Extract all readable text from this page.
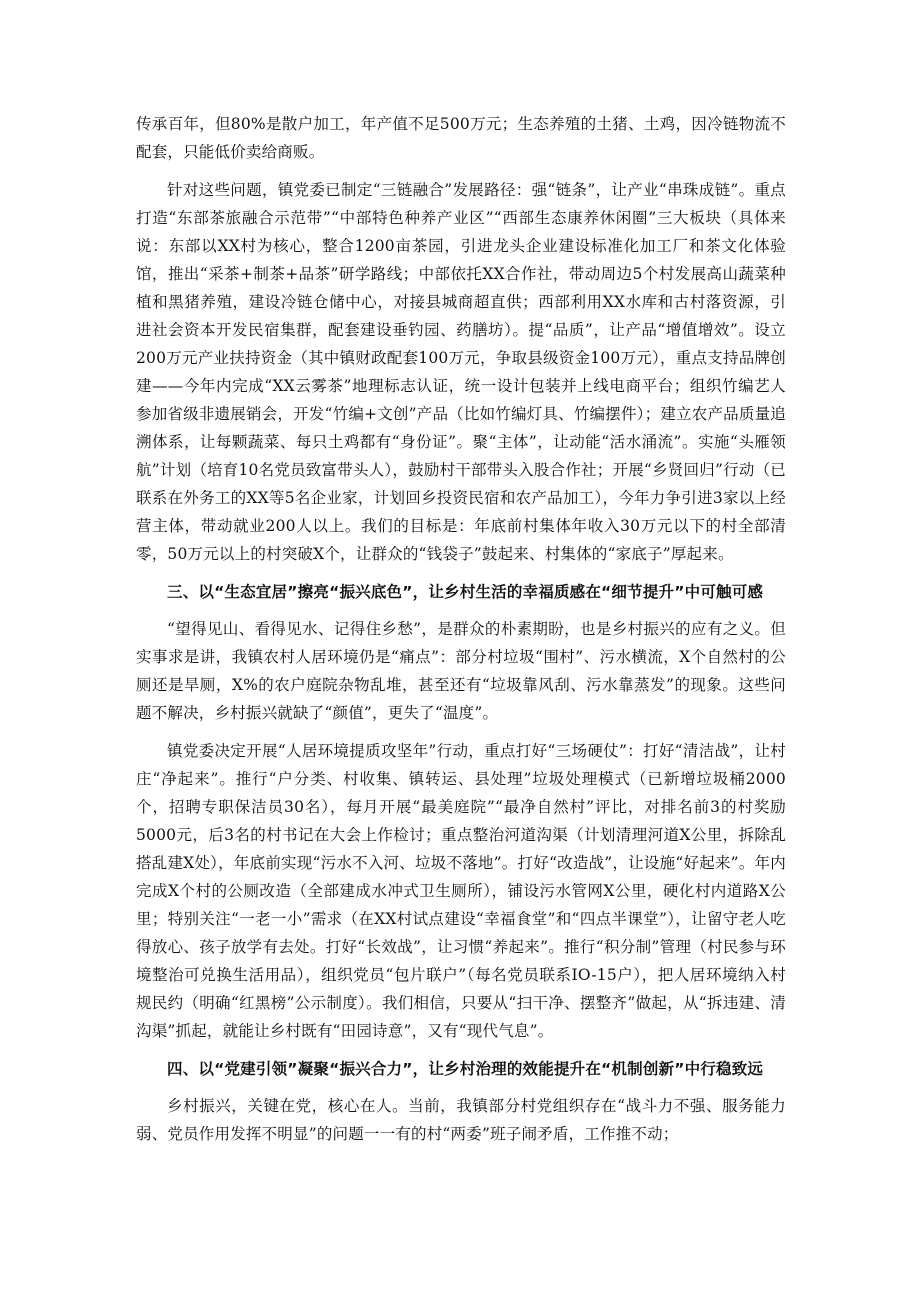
传承百年，但80%是散户加工，年产值不足500万元；生态养殖的土猪、土鸡，因冷链物流不配套，只能低价卖给商贩。

针对这些问题，镇党委已制定“三链融合”发展路径：强“链条”，让产业“串珠成链”。重点打造“东部茶旅融合示范带”“中部特色种养产业区”“西部生态康养休闲圈”三大板块（具体来说：东部以XX村为核心，整合1200亩茶园，引进龙头企业建设标准化加工厂和茶文化体验馆，推出“采茶+制茶+品茶”研学路线；中部依托XX合作社，带动周边5个村发展高山蔬菜种植和黑猪养殖，建设冷链仓储中心，对接县城商超直供；西部利用XX水库和古村落资源，引进社会资本开发民宿集群，配套建设垂钓园、药膳坊）。提“品质”，让产品“增值增效”。设立200万元产业扶持资金（其中镇财政配套100万元，争取县级资金100万元），重点支持品牌创建——今年内完成“XX云雾茶”地理标志认证，统一设计包装并上线电商平台；组织竹编艺人参加省级非遗展销会，开发“竹编+文创”产品（比如竹编灯具、竹编摆件）；建立农产品质量追溯体系，让每颗蔬菜、每只土鸡都有“身份证”。聚“主体”，让动能“活水涌流”。实施“头雁领航”计划（培育10名党员致富带头人），鼓励村干部带头入股合作社；开展“乡贤回归”行动（已联系在外务工的XX等5名企业家，计划回乡投资民宿和农产品加工），今年力争引进3家以上经营主体，带动就业200人以上。我们的目标是：年底前村集体年收入30万元以下的村全部清零，50万元以上的村突破X个，让群众的“钱袋子”鼓起来、村集体的“家底子”厚起来。

三、以“生态宜居”擦亮“振兴底色”，让乡村生活的幸福质感在“细节提升”中可触可感

“望得见山、看得见水、记得住乡愁”，是群众的朴素期盼，也是乡村振兴的应有之义。但实事求是讲，我镇农村人居环境仍是“痛点”：部分村垃圾“围村”、污水横流，X个自然村的公厕还是旱厕，X%的农户庭院杂物乱堆，甚至还有“垃圾靠风刮、污水靠蒸发”的现象。这些问题不解决，乡村振兴就缺了“颜值”，更失了“温度”。

镇党委决定开展“人居环境提质攻坚年”行动，重点打好“三场硬仗”：打好“清洁战”，让村庄“净起来”。推行“户分类、村收集、镇转运、县处理”垃圾处理模式（已新增垃圾桶2000个，招聘专职保洁员30名），每月开展“最美庭院”“最净自然村”评比，对排名前3的村奖励5000元，后3名的村书记在大会上作检讨；重点整治河道沟渠（计划清理河道X公里，拆除乱搭乱建X处），年底前实现“污水不入河、垃圾不落地”。打好“改造战”，让设施“好起来”。年内完成X个村的公厕改造（全部建成水冲式卫生厕所），铺设污水管网X公里，硬化村内道路X公里；特别关注“一老一小”需求（在XX村试点建设“幸福食堂”和“四点半课堂”），让留守老人吃得放心、孩子放学有去处。打好“长效战”，让习惯“养起来”。推行“积分制”管理（村民参与环境整治可兑换生活用品），组织党员“包片联户”（每名党员联系IO-15户），把人居环境纳入村规民约（明确“红黑榜”公示制度）。我们相信，只要从“扫干净、摆整齐”做起，从“拆违建、清沟渠”抓起，就能让乡村既有“田园诗意”，又有“现代气息”。

四、以“党建引领”凝聚“振兴合力”，让乡村治理的效能提升在“机制创新”中行稳致远

乡村振兴，关键在党，核心在人。当前，我镇部分村党组织存在“战斗力不强、服务能力弱、党员作用发挥不明显”的问题一一有的村“两委”班子闹矛盾，工作推不动；
